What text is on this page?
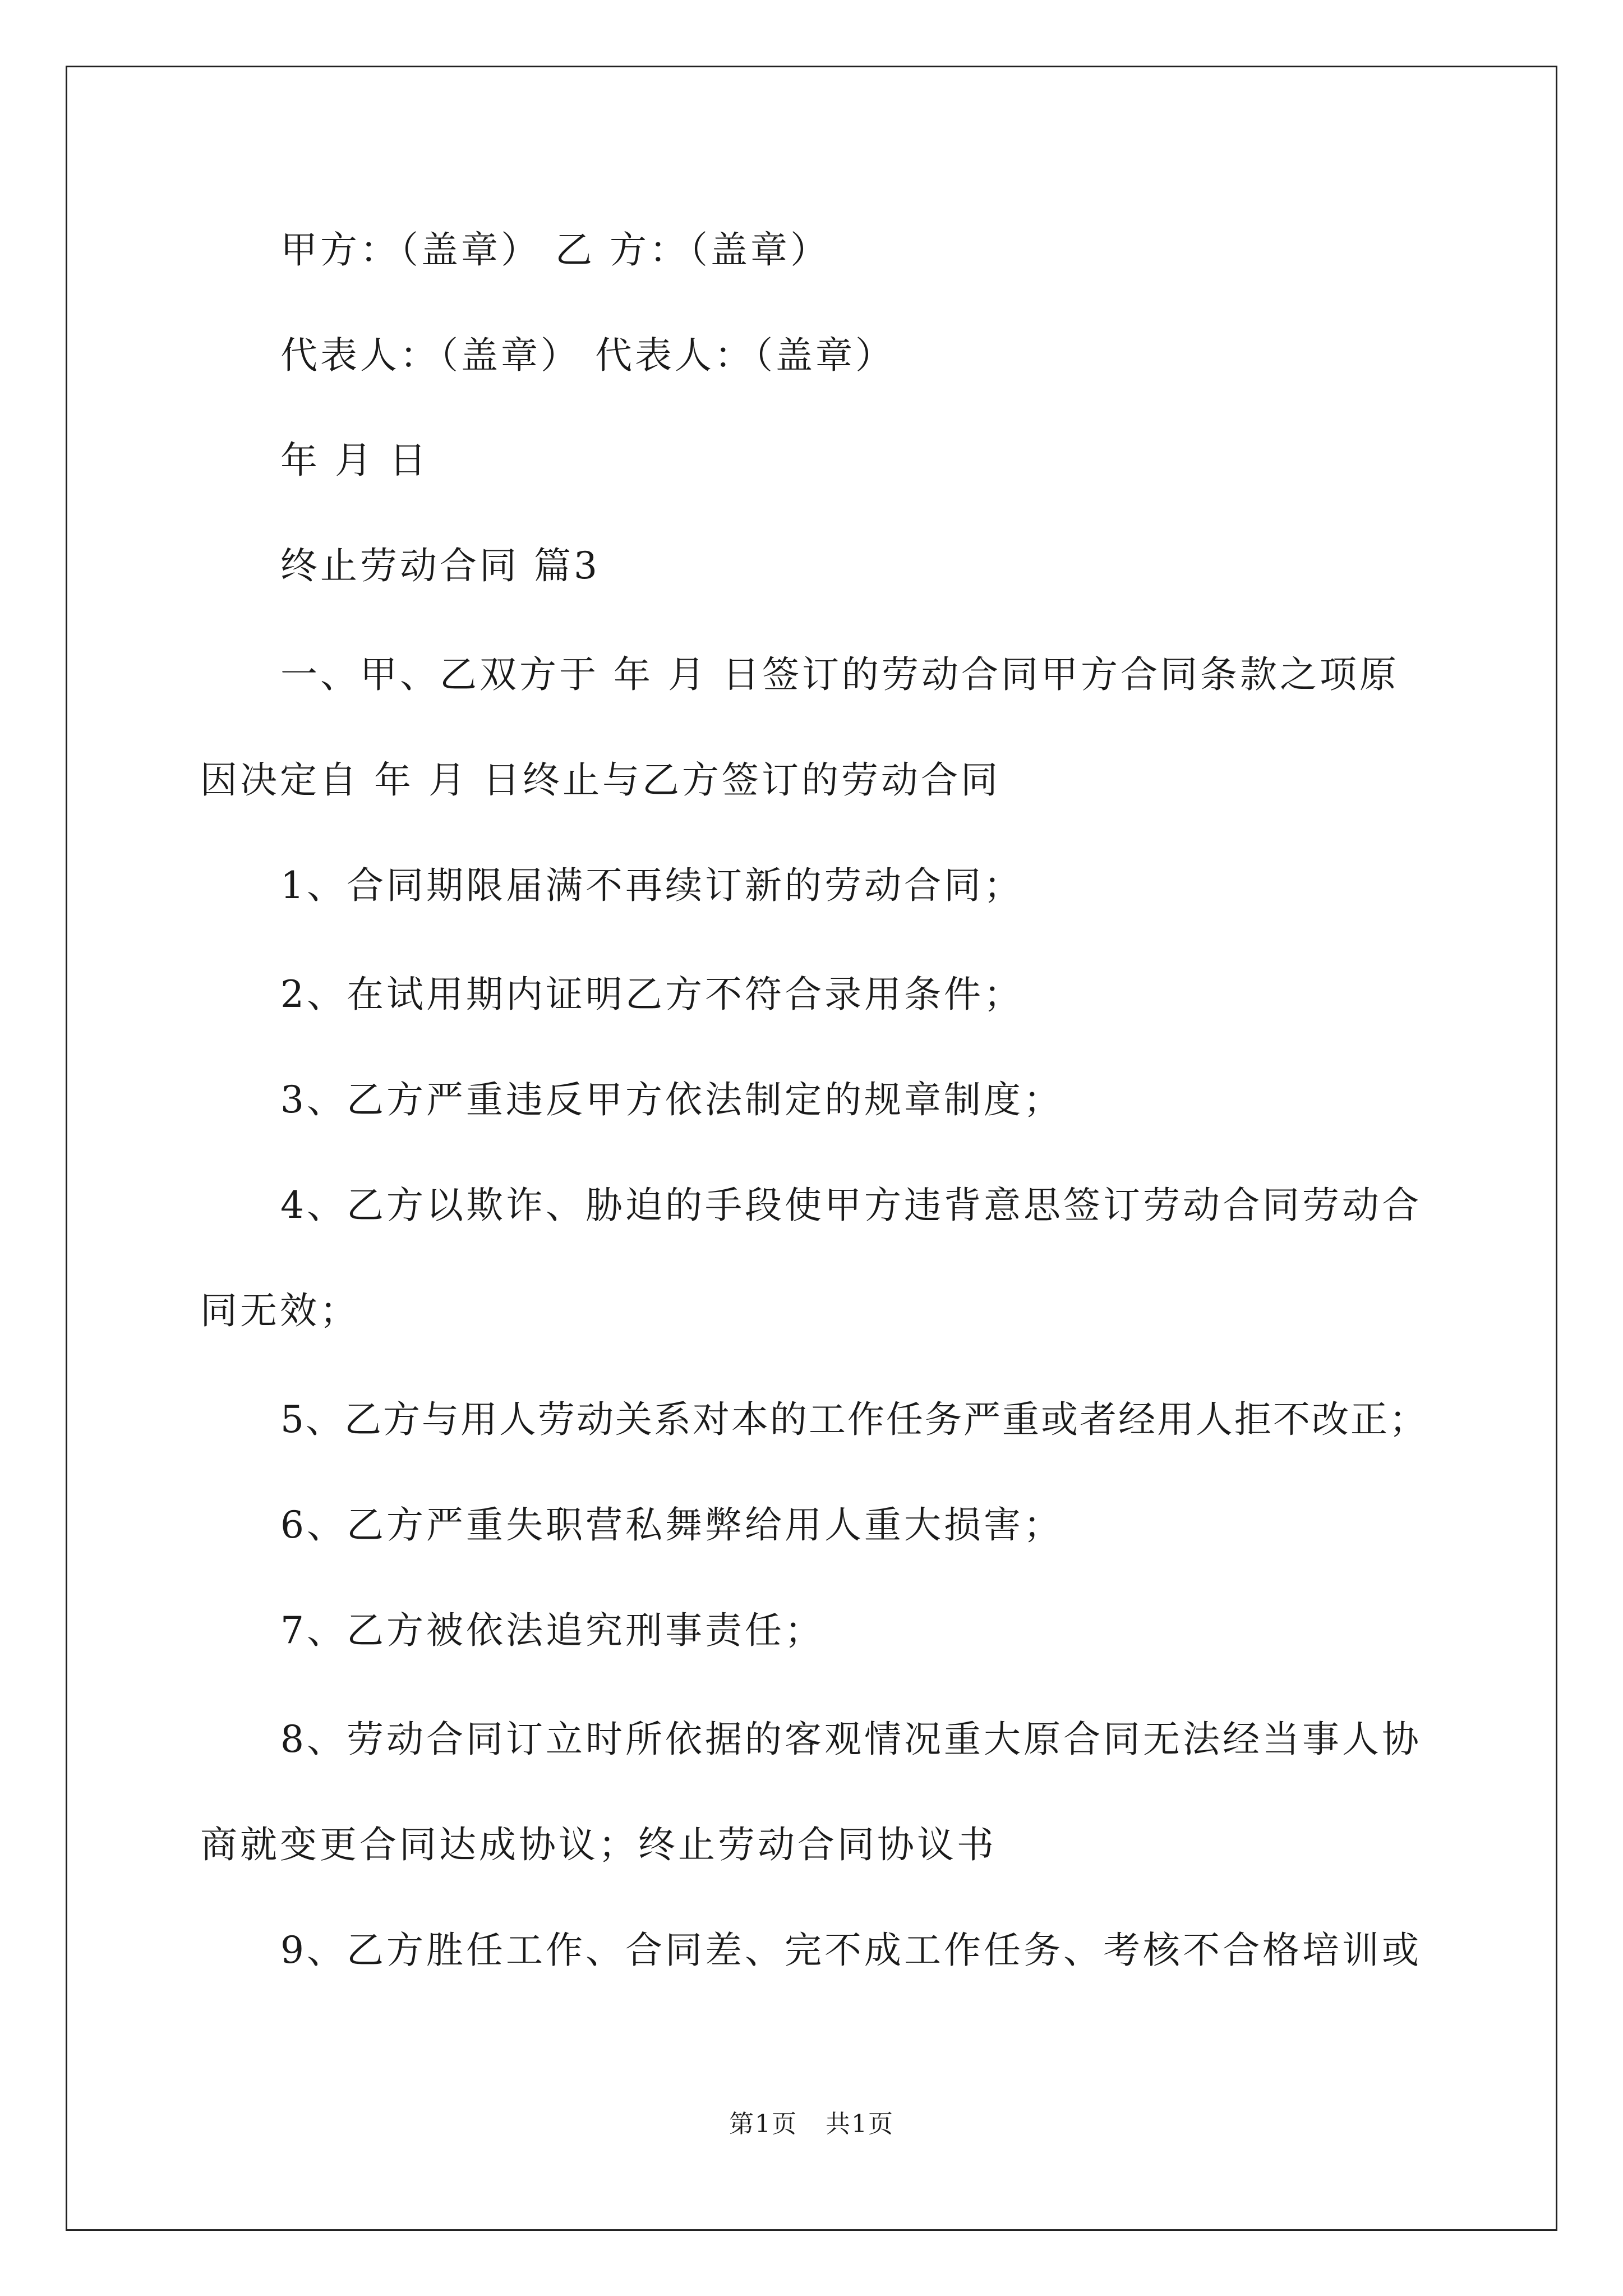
甲方：（盖章） 乙 方：（盖章）

代表人：（盖章） 代表人：（盖章）

年 月 日

终止劳动合同 篇3

一、甲、乙双方于 年 月 日签订的劳动合同甲方合同条款之项原

因决定自 年 月 日终止与乙方签订的劳动合同

1、合同期限届满不再续订新的劳动合同；

2、在试用期内证明乙方不符合录用条件；

3、乙方严重违反甲方依法制定的规章制度；

4、乙方以欺诈、胁迫的手段使甲方违背意思签订劳动合同劳动合

同无效；

5、乙方与用人劳动关系对本的工作任务严重或者经用人拒不改正；

6、乙方严重失职营私舞弊给用人重大损害；

7、乙方被依法追究刑事责任；

8、劳动合同订立时所依据的客观情况重大原合同无法经当事人协

商就变更合同达成协议；终止劳动合同协议书

9、乙方胜任工作、合同差、完不成工作任务、考核不合格培训或

第1页 共1页
